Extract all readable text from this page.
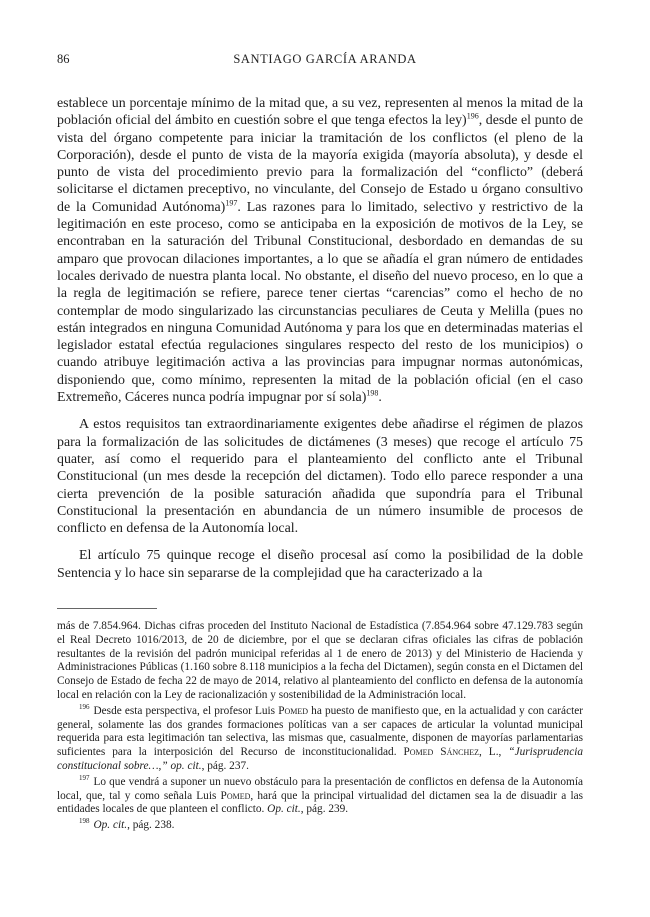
86	SANTIAGO GARCÍA ARANDA

establece un porcentaje mínimo de la mitad que, a su vez, representen al menos la mitad de la población oficial del ámbito en cuestión sobre el que tenga efectos la ley)$^{196}$, desde el punto de vista del órgano competente para iniciar la tramitación de los conflictos (el pleno de la Corporación), desde el punto de vista de la mayoría exigida (mayoría absoluta), y desde el punto de vista del procedimiento previo para la formalización del “conflicto” (deberá solicitarse el dictamen preceptivo, no vinculante, del Consejo de Estado u órgano consultivo de la Comunidad Autónoma)$^{197}$. Las razones para lo limitado, selectivo y restrictivo de la legitimación en este proceso, como se anticipaba en la exposición de motivos de la Ley, se encontraban en la saturación del Tribunal Constitucional, desbordado en demandas de su amparo que provocan dilaciones importantes, a lo que se añadía el gran número de entidades locales derivado de nuestra planta local. No obstante, el diseño del nuevo proceso, en lo que a la regla de legitimación se refiere, parece tener ciertas “carencias” como el hecho de no contemplar de modo singularizado las circunstancias peculiares de Ceuta y Melilla (pues no están integrados en ninguna Comunidad Autónoma y para los que en determinadas materias el legislador estatal efectúa regulaciones singulares respecto del resto de los municipios) o cuando atribuye legitimación activa a las provincias para impugnar normas autonómicas, disponiendo que, como mínimo, representen la mitad de la población oficial (en el caso Extremeño, Cáceres nunca podría impugnar por sí sola)$^{198}$.

A estos requisitos tan extraordinariamente exigentes debe añadirse el régimen de plazos para la formalización de las solicitudes de dictámenes (3 meses) que recoge el artículo 75 quater, así como el requerido para el planteamiento del conflicto ante el Tribunal Constitucional (un mes desde la recepción del dictamen). Todo ello parece responder a una cierta prevención de la posible saturación añadida que supondría para el Tribunal Constitucional la presentación en abundancia de un número insumible de procesos de conflicto en defensa de la Autonomía local.

El artículo 75 quinque recoge el diseño procesal así como la posibilidad de la doble Sentencia y lo hace sin separarse de la complejidad que ha caracterizado a la

más de 7.854.964. Dichas cifras proceden del Instituto Nacional de Estadística (7.854.964 sobre 47.129.783 según el Real Decreto 1016/2013, de 20 de diciembre, por el que se declaran cifras oficiales las cifras de población resultantes de la revisión del padrón municipal referidas al 1 de enero de 2013) y del Ministerio de Hacienda y Administraciones Públicas (1.160 sobre 8.118 municipios a la fecha del Dictamen), según consta en el Dictamen del Consejo de Estado de fecha 22 de mayo de 2014, relativo al planteamiento del conflicto en defensa de la autonomía local en relación con la Ley de racionalización y sostenibilidad de la Administración local.

$^{196}$ Desde esta perspectiva, el profesor Luis Pomed ha puesto de manifiesto que, en la actualidad y con carácter general, solamente las dos grandes formaciones políticas van a ser capaces de articular la voluntad municipal requerida para esta legitimación tan selectiva, las mismas que, casualmente, disponen de mayorías parlamentarias suficientes para la interposición del Recurso de inconstitucionalidad. Pomed Sánchez, L., “Jurisprudencia constitucional sobre…,” op. cit., pág. 237.

$^{197}$ Lo que vendrá a suponer un nuevo obstáculo para la presentación de conflictos en defensa de la Autonomía local, que, tal y como señala Luis Pomed, hará que la principal virtualidad del dictamen sea la de disuadir a las entidades locales de que planteen el conflicto. Op. cit., pág. 239.

$^{198}$ Op. cit., pág. 238.
